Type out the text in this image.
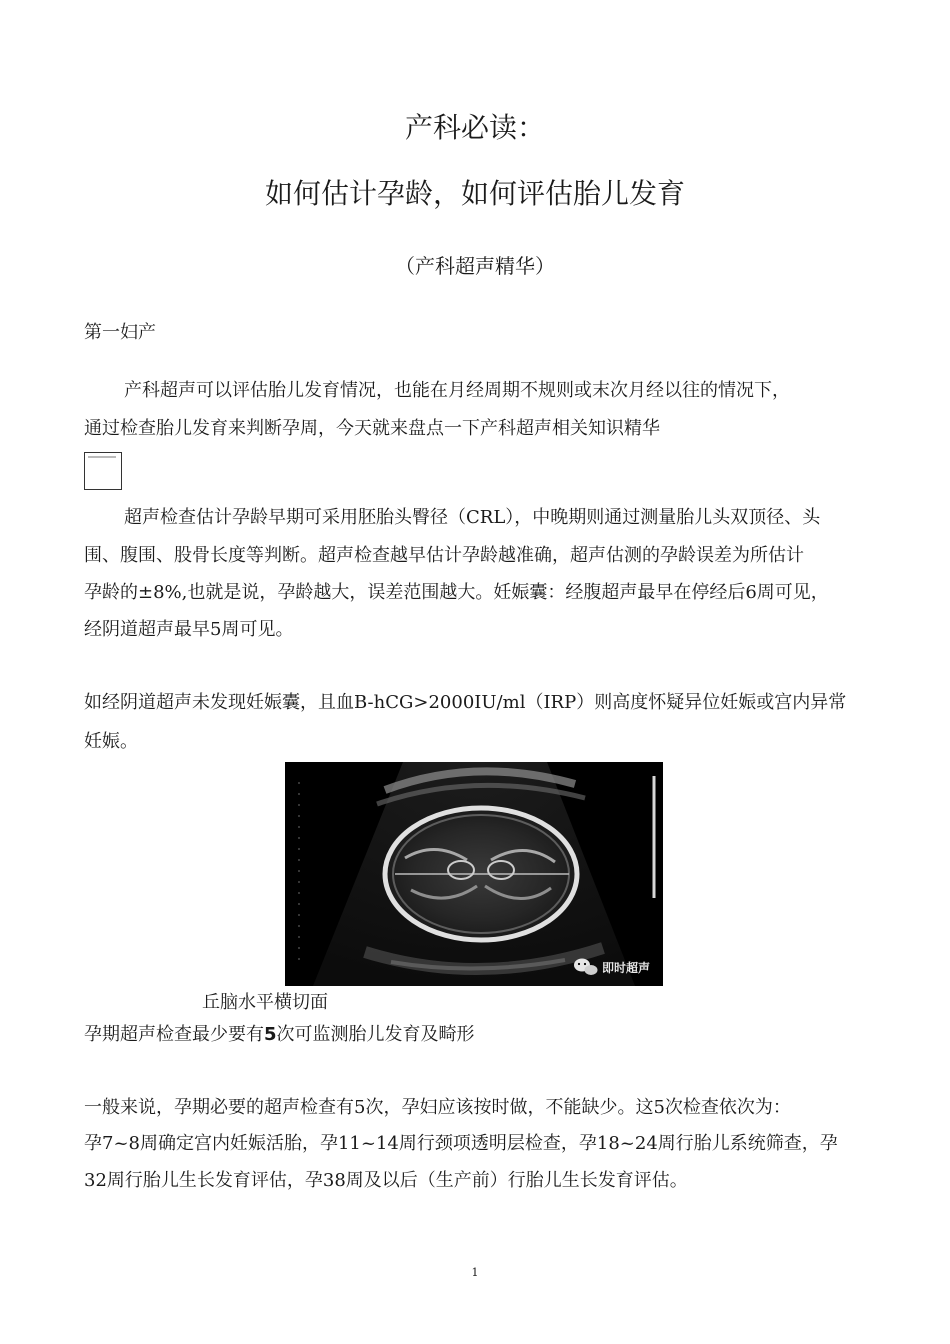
产科必读：
如何估计孕龄，如何评估胎儿发育
（产科超声精华）
第一妇产
产科超声可以评估胎儿发育情况，也能在月经周期不规则或末次月经以往的情况下，
通过检查胎儿发育来判断孕周，今天就来盘点一下产科超声相关知识精华
超声检查估计孕龄早期可采用胚胎头臀径（CRL），中晚期则通过测量胎儿头双顶径、头
围、腹围、股骨长度等判断。超声检查越早估计孕龄越准确，超声估测的孕龄误差为所估计
孕龄的±8%,也就是说，孕龄越大，误差范围越大。妊娠囊：经腹超声最早在停经后6周可见，
经阴道超声最早5周可见。
如经阴道超声未发现妊娠囊，且血B-hCG>2000IU/ml（IRP）则高度怀疑异位妊娠或宫内异常
妊娠。
即时超声
丘脑水平横切面
孕期超声检查最少要有5次可监测胎儿发育及畸形
一般来说，孕期必要的超声检查有5次，孕妇应该按时做，不能缺少。这5次检查依次为：
孕7~8周确定宫内妊娠活胎，孕11~14周行颈项透明层检查，孕18~24周行胎儿系统筛查，孕
32周行胎儿生长发育评估，孕38周及以后（生产前）行胎儿生长发育评估。
1
